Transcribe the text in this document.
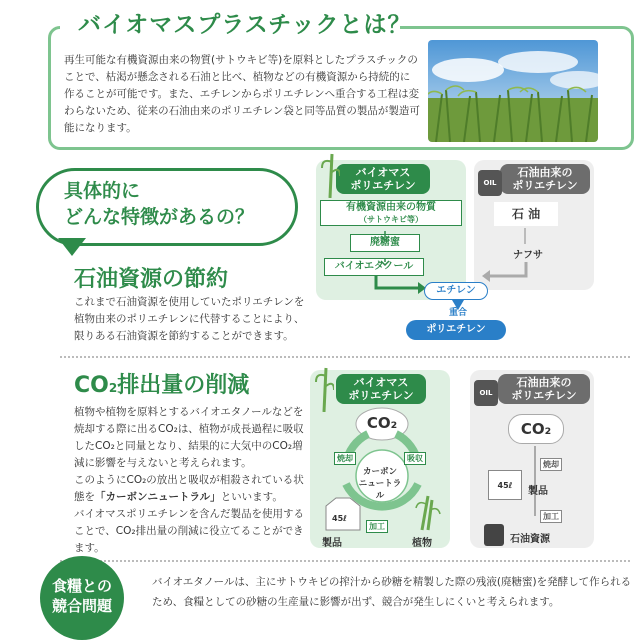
バイオマスプラスチックとは？
再生可能な有機資源由来の物質(サトウキビ等)を原料としたプラスチックのことで、枯渇が懸念される石油と比べ、植物などの有機資源から持続的に作ることが可能です。また、エチレンからポリエチレンへ重合する工程は変わらないため、従来の石油由来のポリエチレン袋と同等品質の製品が製造可能になります。
具体的に
どんな特徴があるの？
石油資源の節約
これまで石油資源を使用していたポリエチレンを植物由来のポリエチレンに代替することにより、限りある石油資源を節約することができます。
バイオマス
ポリエチレン
有機資源由来の物質
（サトウキビ等）
廃糖蜜
バイオエタノール
石油由来の
ポリエチレン
OIL
石 油
ナフサ
エチレン
重合
ポリエチレン
CO2排出量の削減
植物や植物を原料とするバイオエタノールなどを焼却する際に出るCO₂は、植物が成長過程に吸収したCO₂と同量となり、結果的に大気中のCO₂増減に影響を与えないと考えられます。
このようにCO₂の放出と吸収が相殺されている状態を「カーボンニュートラル」といいます。
バイオマスポリエチレンを含んだ製品を使用することで、CO₂排出量の削減に役立てることができます。
バイオマス
ポリエチレン
CO₂
焼却	吸収
加工
カーボン
ニュートラル
45ℓ
製品	植物
石油由来の
ポリエチレン
OIL
CO₂
焼却
45ℓ
製品
加工
石油資源
食糧との
競合問題
バイオエタノールは、主にサトウキビの搾汁から砂糖を精製した際の残液(廃糖蜜)を発酵して作られるため、食糧としての砂糖の生産量に影響が出ず、競合が発生しにくいと考えられます。
